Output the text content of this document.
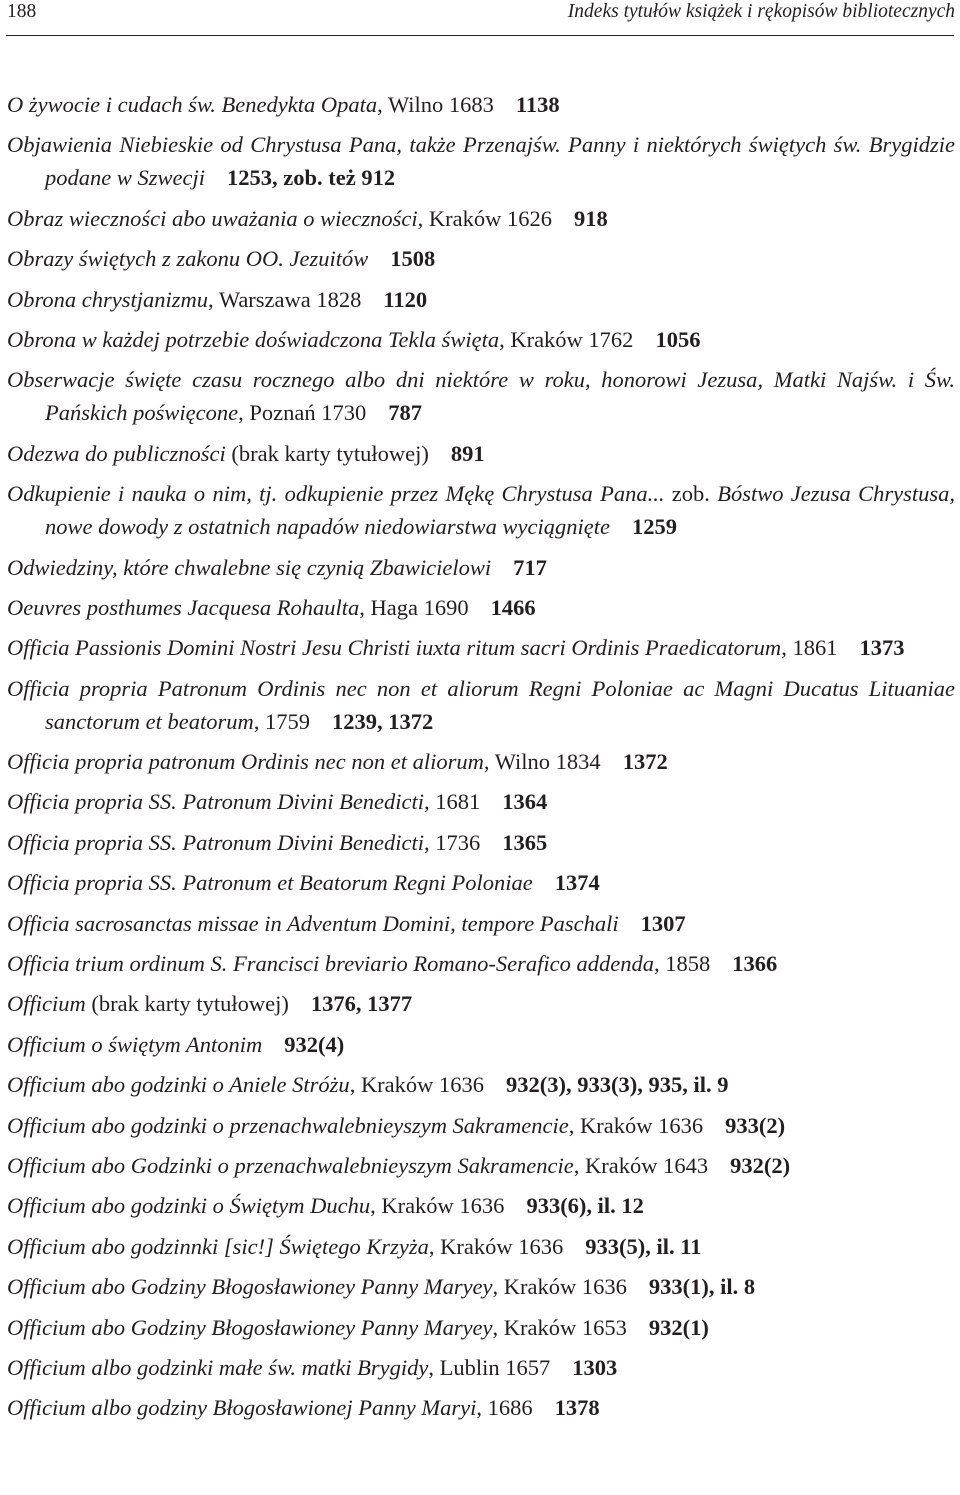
188	Indeks tytułów książek i rękopisów bibliotecznych

O żywocie i cudach św. Benedykta Opata, Wilno 1683 1138

Objawienia Niebieskie od Chrystusa Pana, także Przenajśw. Panny i niektórych świętych św. Brygidzie podane w Szwecji 1253, zob. też 912

Obraz wieczności abo uważania o wieczności, Kraków 1626 918

Obrazy świętych z zakonu OO. Jezuitów 1508

Obrona chrystjanizmu, Warszawa 1828 1120

Obrona w każdej potrzebie doświadczona Tekla święta, Kraków 1762 1056

Obserwacje święte czasu rocznego albo dni niektóre w roku, honorowi Jezusa, Matki Najśw. i Św. Pańskich poświęcone, Poznań 1730 787

Odezwa do publiczności (brak karty tytułowej) 891

Odkupienie i nauka o nim, tj. odkupienie przez Mękę Chrystusa Pana... zob. Bóstwo Jezusa Chrystusa, nowe dowody z ostatnich napadów niedowiarstwa wyciągnięte 1259

Odwiedziny, które chwalebne się czynią Zbawicielowi 717

Oeuvres posthumes Jacquesa Rohaulta, Haga 1690 1466

Officia Passionis Domini Nostri Jesu Christi iuxta ritum sacri Ordinis Praedicatorum, 1861 1373

Officia propria Patronum Ordinis nec non et aliorum Regni Poloniae ac Magni Ducatus Lituaniae sanctorum et beatorum, 1759 1239, 1372

Officia propria patronum Ordinis nec non et aliorum, Wilno 1834 1372

Officia propria SS. Patronum Divini Benedicti, 1681 1364

Officia propria SS. Patronum Divini Benedicti, 1736 1365

Officia propria SS. Patronum et Beatorum Regni Poloniae 1374

Officia sacrosanctas missae in Adventum Domini, tempore Paschali 1307

Officia trium ordinum S. Francisci breviario Romano-Serafico addenda, 1858 1366

Officium (brak karty tytułowej) 1376, 1377

Officium o świętym Antonim 932(4)

Officium abo godzinki o Aniele Stróżu, Kraków 1636 932(3), 933(3), 935, il. 9

Officium abo godzinki o przenachwalebnieyszym Sakramencie, Kraków 1636 933(2)

Officium abo Godzinki o przenachwalebnieyszym Sakramencie, Kraków 1643 932(2)

Officium abo godzinki o Świętym Duchu, Kraków 1636 933(6), il. 12

Officium abo godzinnki [sic!] Świętego Krzyża, Kraków 1636 933(5), il. 11

Officium abo Godziny Błogosławioney Panny Maryey, Kraków 1636 933(1), il. 8

Officium abo Godziny Błogosławioney Panny Maryey, Kraków 1653 932(1)

Officium albo godzinki małe św. matki Brygidy, Lublin 1657 1303

Officium albo godziny Błogosławionej Panny Maryi, 1686 1378
